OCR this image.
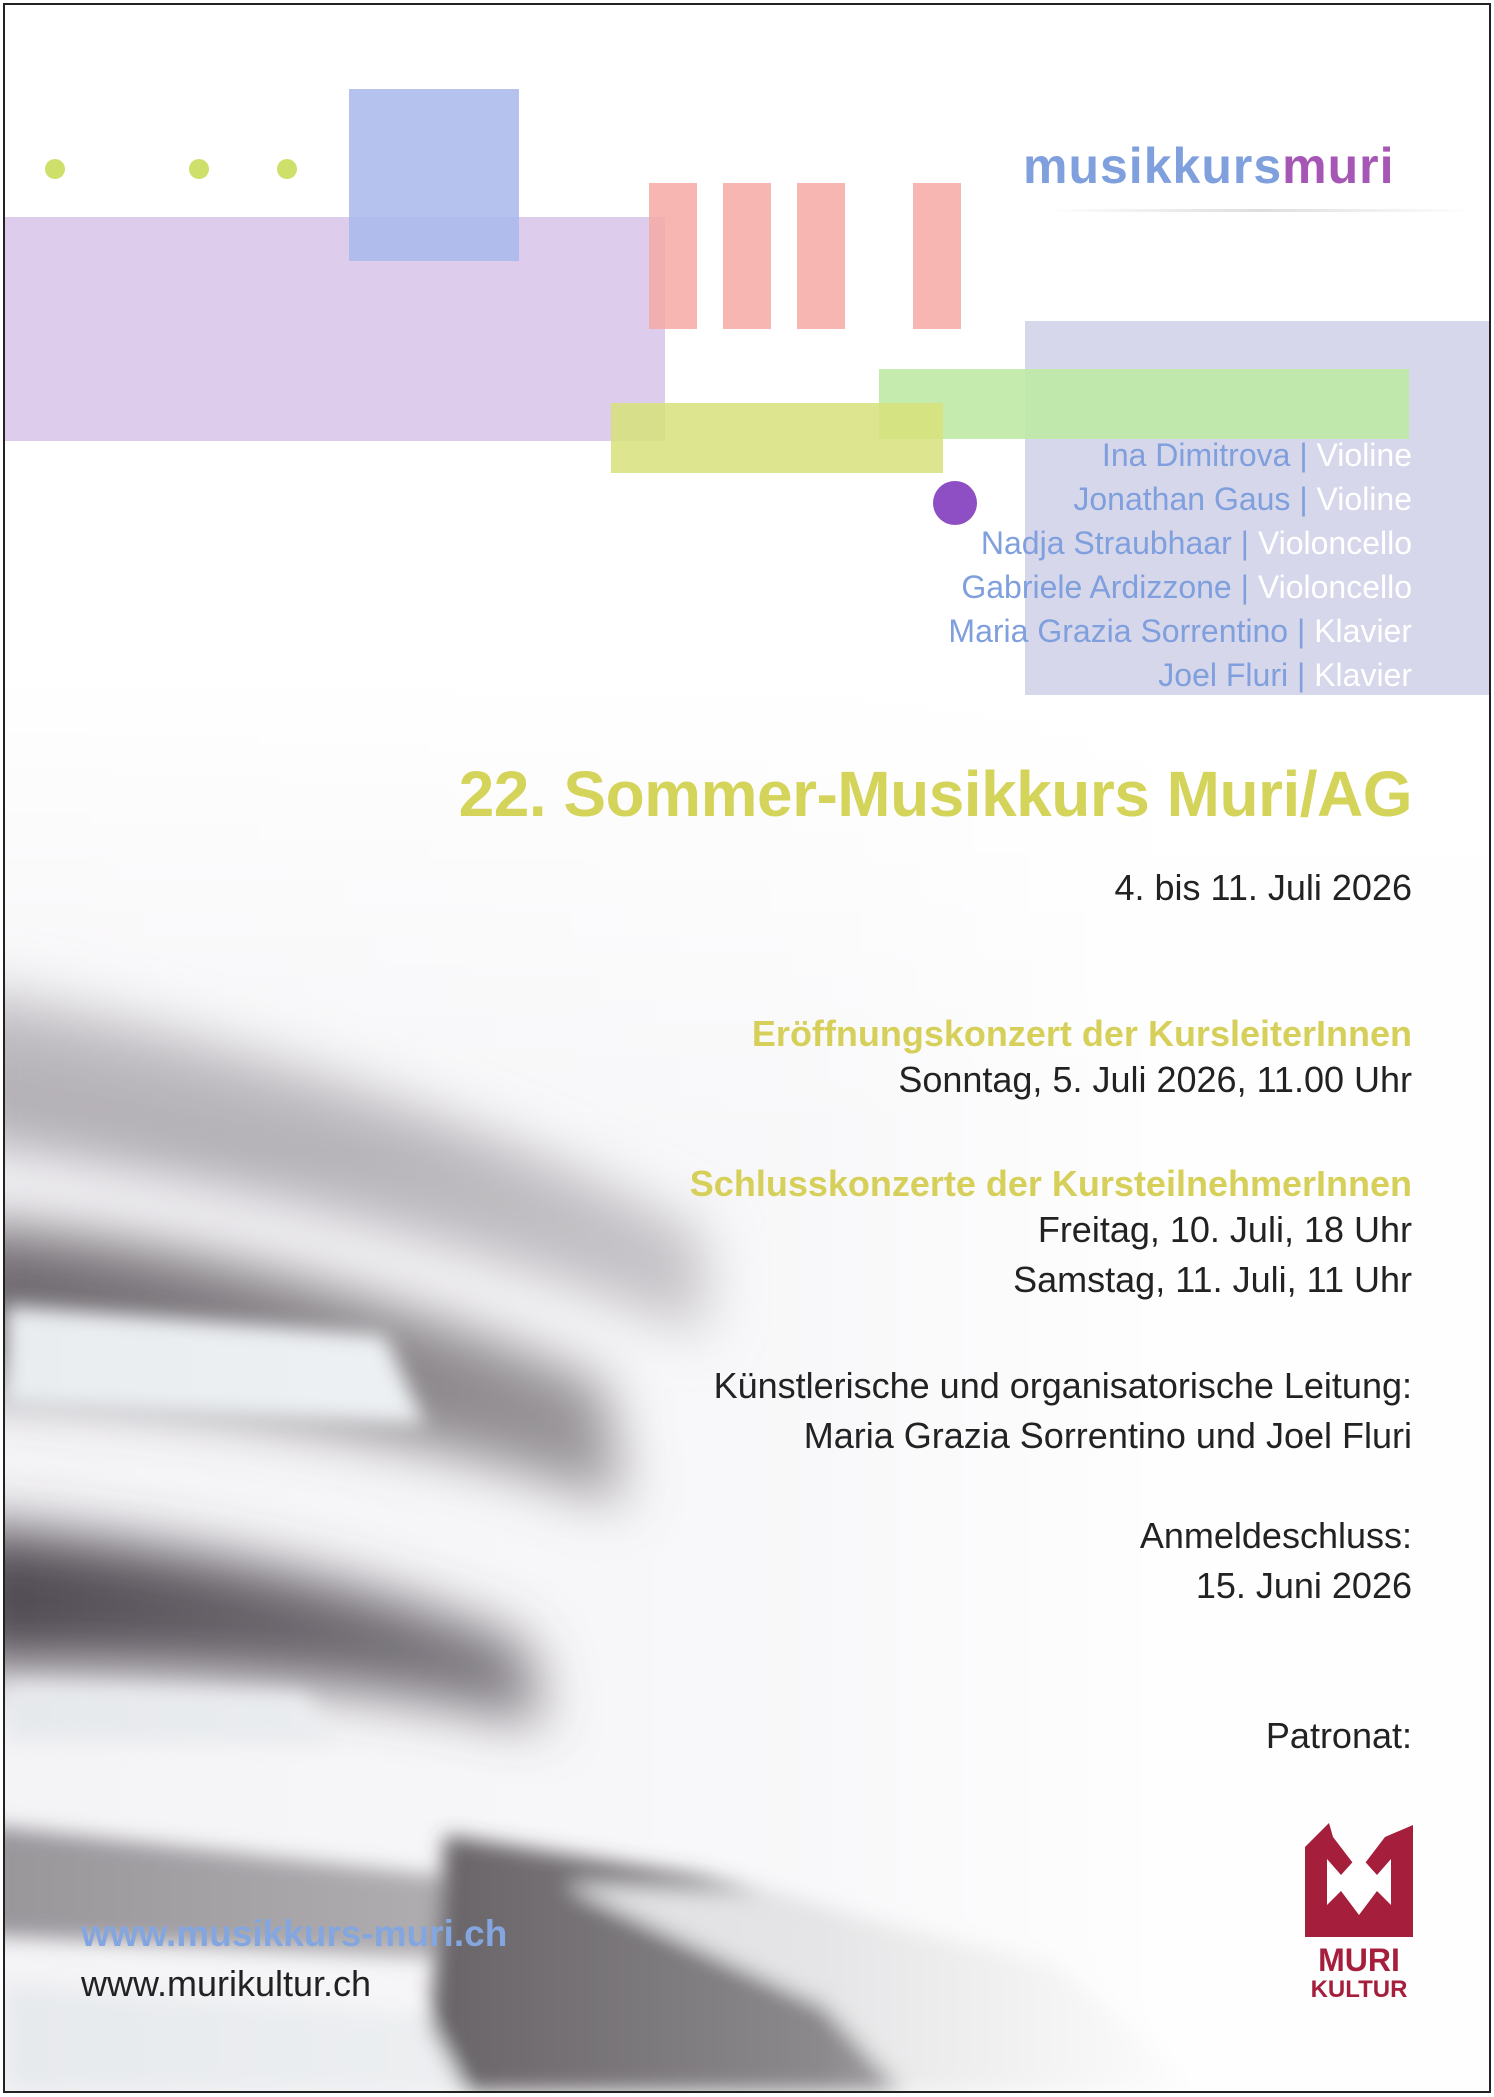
musikkursmuri
Ina Dimitrova | Violine
Jonathan Gaus | Violine
Nadja Straubhaar | Violoncello
Gabriele Ardizzone | Violoncello
Maria Grazia Sorrentino | Klavier
Joel Fluri | Klavier
22. Sommer-Musikkurs Muri/AG
4. bis 11. Juli 2026
Eröffnungskonzert der KursleiterInnen
Sonntag, 5. Juli 2026, 11.00 Uhr
Schlusskonzerte der KursteilnehmerInnen
Freitag, 10. Juli, 18 Uhr
Samstag, 11. Juli, 11 Uhr
Künstlerische und organisatorische Leitung:
Maria Grazia Sorrentino und Joel Fluri
Anmeldeschluss:
15. Juni 2026
Patronat:
MURI
KULTUR
www.musikkurs-muri.ch
www.murikultur.ch
